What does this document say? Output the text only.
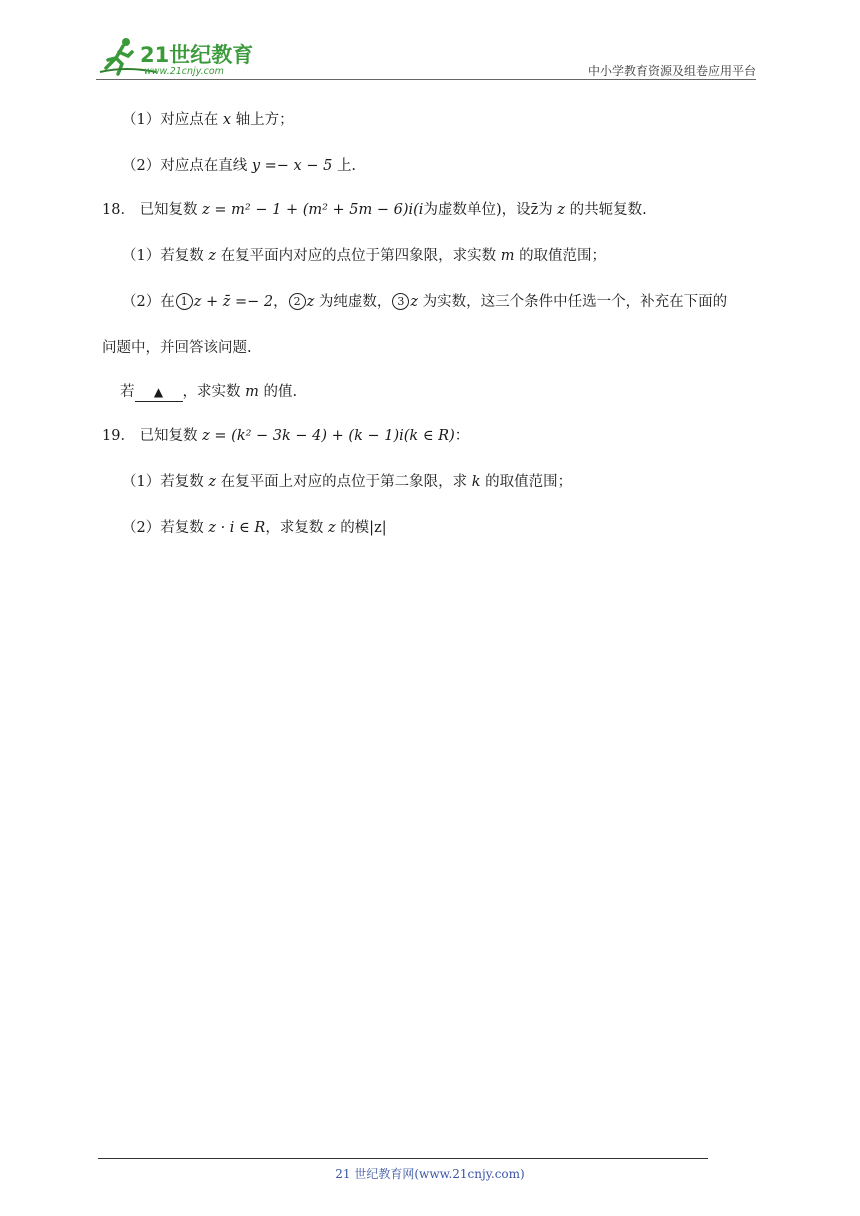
21世纪教育
www.21cnjy.com	中小学教育资源及组卷应用平台
（1）对应点在 x 轴上方；
（2）对应点在直线 y =− x − 5 上.
18． 已知复数 z = m² − 1 + (m² + 5m − 6)i(i为虚数单位)，设z̄为 z 的共轭复数.
（1）若复数 z 在复平面内对应的点位于第四象限，求实数 m 的取值范围；
（2）在 1 z + z̄ =− 2， 2 z 为纯虚数， 3 z 为实数，这三个条件中任选一个，补充在下面的
问题中，并回答该问题.
若 ▲ ，求实数 m 的值.
19． 已知复数 z = (k² − 3k − 4) + (k − 1)i(k ∈ R)：
（1）若复数 z 在复平面上对应的点位于第二象限，求 k 的取值范围；
（2）若复数 z · i ∈ R，求复数 z 的模|z|
21 世纪教育网(www.21cnjy.com)
